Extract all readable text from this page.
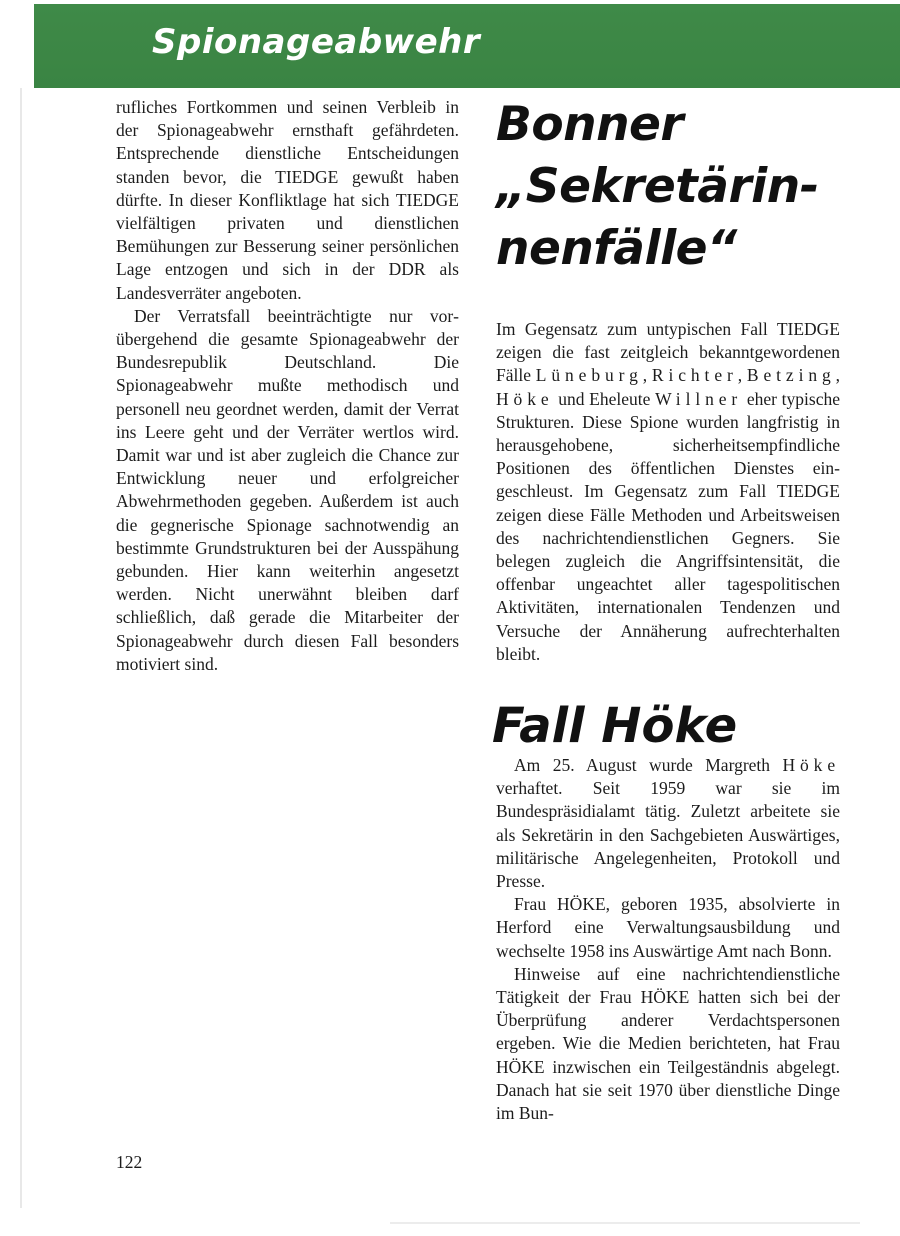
Spionageabwehr

rufliches Fortkommen und seinen Verbleib in der Spionageabwehr ernsthaft gefährdeten. Entsprechende dienstliche Entscheidungen standen bevor, die TIEDGE gewußt haben dürfte. In dieser Konfliktlage hat sich TIEDGE vielfältigen privaten und dienstlichen Bemühungen zur Besserung seiner persönlichen Lage entzogen und sich in der DDR als Landesverräter angeboten.

Der Verratsfall beeinträchtigte nur vorübergehend die gesamte Spionageabwehr der Bundesrepublik Deutschland. Die Spionageabwehr mußte methodisch und personell neu geordnet werden, damit der Verrat ins Leere geht und der Verräter wertlos wird. Damit war und ist aber zugleich die Chance zur Entwicklung neuer und erfolgreicher Abwehrmethoden gegeben. Außerdem ist auch die gegnerische Spionage sachnotwendig an bestimmte Grundstrukturen bei der Ausspähung gebunden. Hier kann weiterhin angesetzt werden. Nicht unerwähnt bleiben darf schließlich, daß gerade die Mitarbeiter der Spionageabwehr durch diesen Fall besonders motiviert sind.

Bonner
„Sekretärin-
nenfälle“

Im Gegensatz zum untypischen Fall TIEDGE zeigen die fast zeitgleich bekanntgewordenen Fälle Lüneburg, Richter, Betzing, Höke und Eheleute Willner eher typische Strukturen. Diese Spione wurden langfristig in herausgehobene, sicherheitsempfindliche Positionen des öffentlichen Dienstes eingeschleust. Im Gegensatz zum Fall TIEDGE zeigen diese Fälle Methoden und Arbeitsweisen des nachrichtendienstlichen Gegners. Sie belegen zugleich die Angriffsintensität, die offenbar ungeachtet aller tagespolitischen Aktivitäten, internationalen Tendenzen und Versuche der Annäherung aufrechterhalten bleibt.

Fall Höke

Am 25. August wurde Margreth Höke verhaftet. Seit 1959 war sie im Bundespräsidialamt tätig. Zuletzt arbeitete sie als Sekretärin in den Sachgebieten Auswärtiges, militärische Angelegenheiten, Protokoll und Presse.

Frau HÖKE, geboren 1935, absolvierte in Herford eine Verwaltungsausbildung und wechselte 1958 ins Auswärtige Amt nach Bonn.

Hinweise auf eine nachrichtendienstliche Tätigkeit der Frau HÖKE hatten sich bei der Überprüfung anderer Verdachtspersonen ergeben. Wie die Medien berichteten, hat Frau HÖKE inzwischen ein Teilgeständnis abgelegt. Danach hat sie seit 1970 über dienstliche Dinge im Bun-

122
